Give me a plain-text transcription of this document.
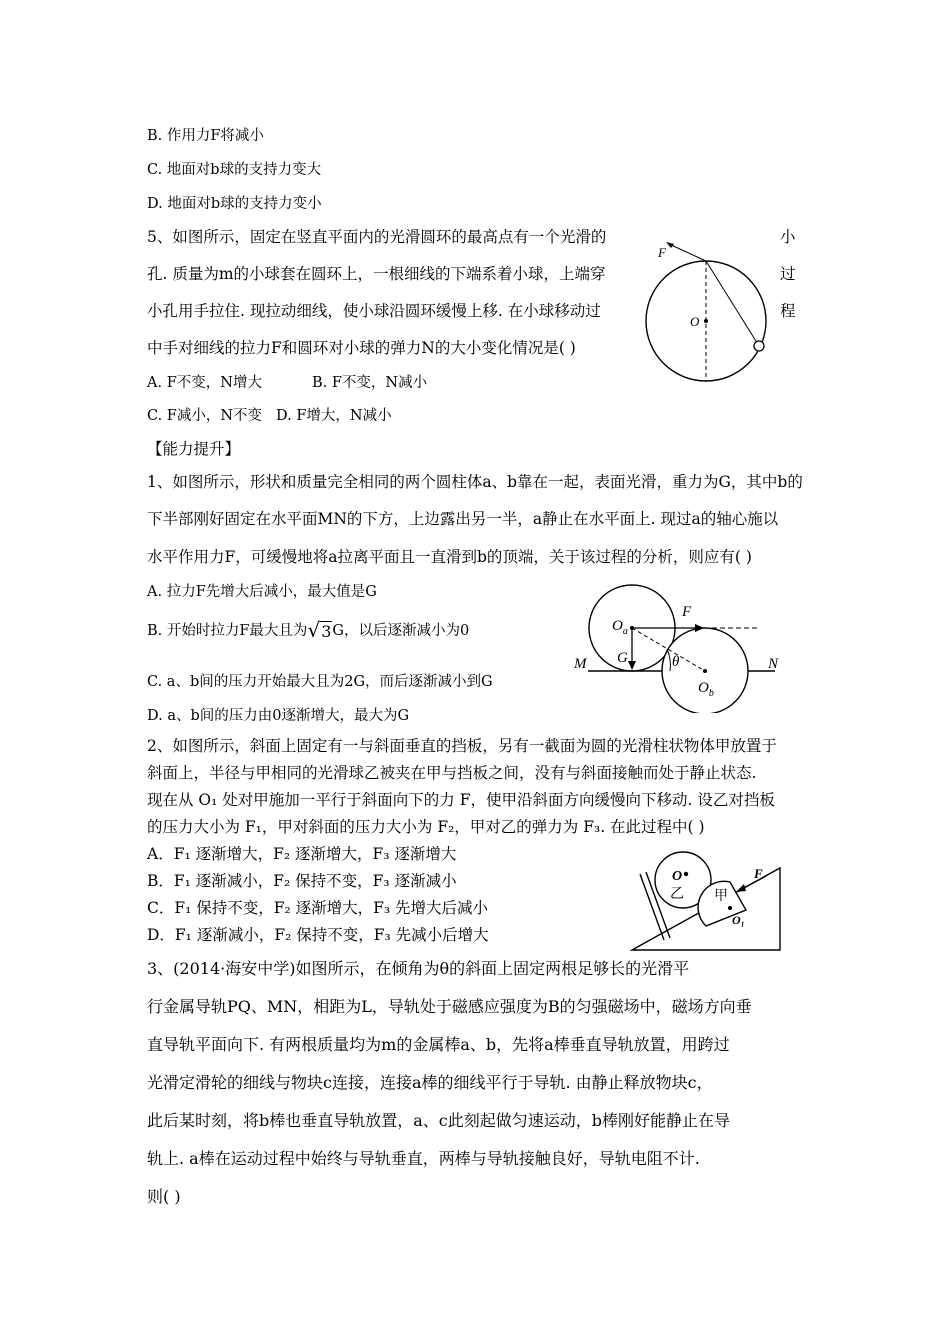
B. 作用力F将减小
C. 地面对b球的支持力变大
D. 地面对b球的支持力变小
5、如图所示，固定在竖直平面内的光滑圆环的最高点有一个光滑的	小
孔. 质量为m的小球套在圆环上，一根细线的下端系着小球，上端穿	过
小孔用手拉住. 现拉动细线，使小球沿圆环缓慢上移. 在小球移动过	程
中手对细线的拉力F和圆环对小球的弹力N的大小变化情况是( )
A. F不变，N增大	B. F不变，N减小
C. F减小，N不变 D. F增大，N减小
F
O
【能力提升】
1、如图所示，形状和质量完全相同的两个圆柱体a、b靠在一起，表面光滑，重力为G，其中b的
下半部刚好固定在水平面MN的下方，上边露出另一半，a静止在水平面上. 现过a的轴心施以
水平作用力F，可缓慢地将a拉离平面且一直滑到b的顶端，关于该过程的分析，则应有( )
A. 拉力F先增大后减小，最大值是G
B. 开始时拉力F最大且为√3G，以后逐渐减小为0
C. a、b间的压力开始最大且为2G，而后逐渐减小到G
D. a、b间的压力由0逐渐增大，最大为G
$O_a$
$O_b$
F
G	θ
M	N
2、如图所示，斜面上固定有一与斜面垂直的挡板，另有一截面为圆的光滑柱状物体甲放置于
斜面上，半径与甲相同的光滑球乙被夹在甲与挡板之间，没有与斜面接触而处于静止状态.
现在从 O₁ 处对甲施加一平行于斜面向下的力 F，使甲沿斜面方向缓慢向下移动. 设乙对挡板
的压力大小为 F₁，甲对斜面的压力大小为 F₂，甲对乙的弹力为 F₃. 在此过程中( )
A．F₁ 逐渐增大，F₂ 逐渐增大，F₃ 逐渐增大
B．F₁ 逐渐减小，F₂ 保持不变，F₃ 逐渐减小
C．F₁ 保持不变，F₂ 逐渐增大，F₃ 先增大后减小
D．F₁ 逐渐减小，F₂ 保持不变，F₃ 先减小后增大
O
乙 甲
F
O₁
3、(2014·海安中学)如图所示，在倾角为θ的斜面上固定两根足够长的光滑平
行金属导轨PQ、MN，相距为L，导轨处于磁感应强度为B的匀强磁场中，磁场方向垂
直导轨平面向下. 有两根质量均为m的金属棒a、b，先将a棒垂直导轨放置，用跨过
光滑定滑轮的细线与物块c连接，连接a棒的细线平行于导轨. 由静止释放物块c，
此后某时刻，将b棒也垂直导轨放置，a、c此刻起做匀速运动，b棒刚好能静止在导
轨上. a棒在运动过程中始终与导轨垂直，两棒与导轨接触良好，导轨电阻不计.
则( )
